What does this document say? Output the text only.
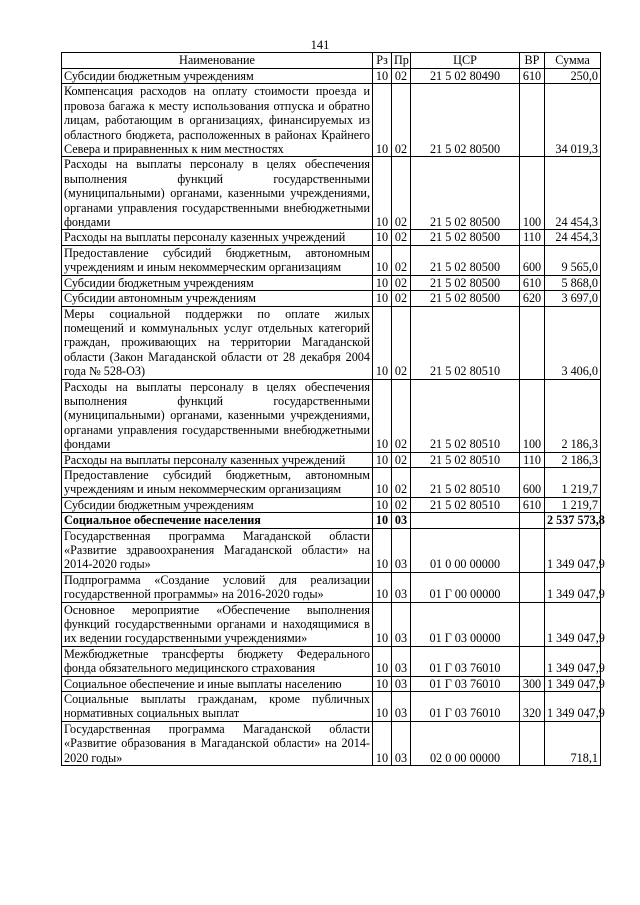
141
Наименование	Рз	Пр	ЦСР	ВР	Сумма
Субсидии бюджетным учреждениям	10	02	21 5 02 80490	610	250,0
Компенсация расходов на оплату стоимости проезда и провоза багажа к месту использования отпуска и обратно лицам, работающим в организациях, финансируемых из областного бюджета, расположенных в районах Крайнего Севера и приравненных к ним местностях	10	02	21 5 02 80500		34 019,3
Расходы на выплаты персоналу в целях обеспечения выполнения функций государственными (муниципальными) органами, казенными учреждениями, органами управления государственными внебюджетными фондами	10	02	21 5 02 80500	100	24 454,3
Расходы на выплаты персоналу казенных учреждений	10	02	21 5 02 80500	110	24 454,3
Предоставление субсидий бюджетным, автономным учреждениям и иным некоммерческим организациям	10	02	21 5 02 80500	600	9 565,0
Субсидии бюджетным учреждениям	10	02	21 5 02 80500	610	5 868,0
Субсидии автономным учреждениям	10	02	21 5 02 80500	620	3 697,0
Меры социальной поддержки по оплате жилых помещений и коммунальных услуг отдельных категорий граждан, проживающих на территории Магаданской области (Закон Магаданской области от 28 декабря 2004 года № 528-ОЗ)	10	02	21 5 02 80510		3 406,0
Расходы на выплаты персоналу в целях обеспечения выполнения функций государственными (муниципальными) органами, казенными учреждениями, органами управления государственными внебюджетными фондами	10	02	21 5 02 80510	100	2 186,3
Расходы на выплаты персоналу казенных учреждений	10	02	21 5 02 80510	110	2 186,3
Предоставление субсидий бюджетным, автономным учреждениям и иным некоммерческим организациям	10	02	21 5 02 80510	600	1 219,7
Субсидии бюджетным учреждениям	10	02	21 5 02 80510	610	1 219,7
Социальное обеспечение населения	10	03			2 537 573,8
Государственная программа Магаданской области «Развитие здравоохранения Магаданской области» на 2014-2020 годы»	10	03	01 0 00 00000		1 349 047,9
Подпрограмма «Создание условий для реализации государственной программы» на 2016-2020 годы»	10	03	01 Г 00 00000		1 349 047,9
Основное мероприятие «Обеспечение выполнения функций государственными органами и находящимися в их ведении государственными учреждениями»	10	03	01 Г 03 00000		1 349 047,9
Межбюджетные трансферты бюджету Федерального фонда обязательного медицинского страхования	10	03	01 Г 03 76010		1 349 047,9
Социальное обеспечение и иные выплаты населению	10	03	01 Г 03 76010	300	1 349 047,9
Социальные выплаты гражданам, кроме публичных нормативных социальных выплат	10	03	01 Г 03 76010	320	1 349 047,9
Государственная программа Магаданской области «Развитие образования в Магаданской области» на 2014-2020 годы»	10	03	02 0 00 00000		718,1
